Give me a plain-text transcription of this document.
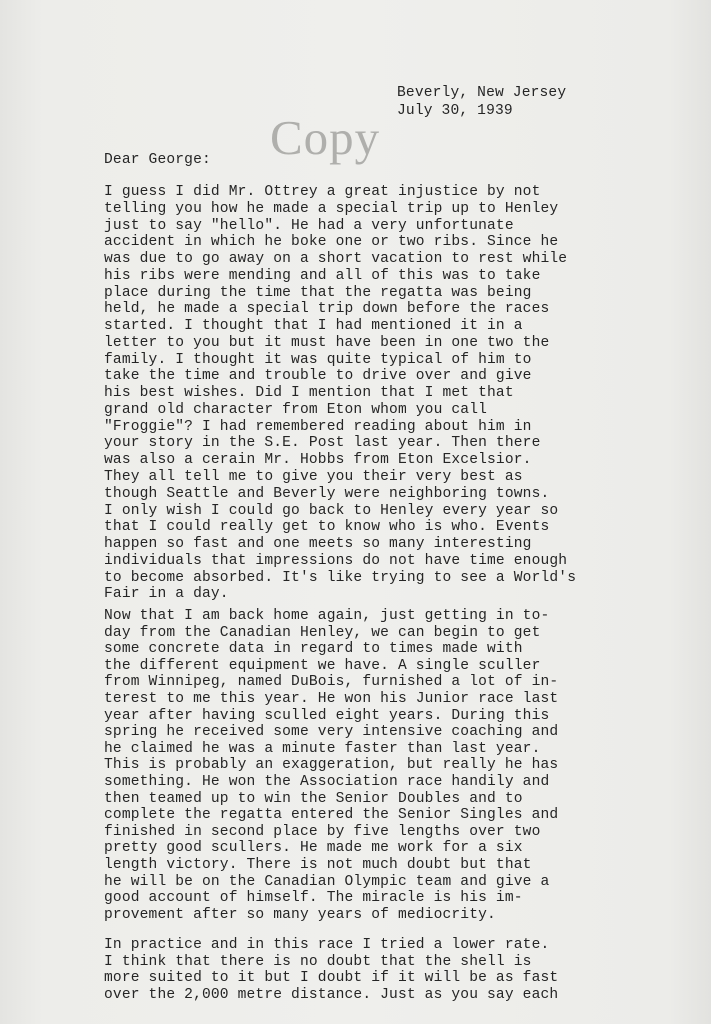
Beverly, New Jersey
July 30, 1939
Copy
Dear George:

I guess I did Mr. Ottrey a great injustice by not
telling you how he made a special trip up to Henley
just to say "hello". He had a very unfortunate
accident in which he boke one or two ribs. Since he
was due to go away on a short vacation to rest while
his ribs were mending and all of this was to take
place during the time that the regatta was being
held, he made a special trip down before the races
started. I thought that I had mentioned it in a
letter to you but it must have been in one two the
family. I thought it was quite typical of him to
take the time and trouble to drive over and give
his best wishes. Did I mention that I met that
grand old character from Eton whom you call
"Froggie"? I had remembered reading about him in
your story in the S.E. Post last year. Then there
was also a cerain Mr. Hobbs from Eton Excelsior.
They all tell me to give you their very best as
though Seattle and Beverly were neighboring towns.
I only wish I could go back to Henley every year so
that I could really get to know who is who. Events
happen so fast and one meets so many interesting
individuals that impressions do not have time enough
to become absorbed. It's like trying to see a World's
Fair in a day.

Now that I am back home again, just getting in to-
day from the Canadian Henley, we can begin to get
some concrete data in regard to times made with
the different equipment we have. A single sculler
from Winnipeg, named DuBois, furnished a lot of in-
terest to me this year. He won his Junior race last
year after having sculled eight years. During this
spring he received some very intensive coaching and
he claimed he was a minute faster than last year.
This is probably an exaggeration, but really he has
something. He won the Association race handily and
then teamed up to win the Senior Doubles and to
complete the regatta entered the Senior Singles and
finished in second place by five lengths over two
pretty good scullers. He made me work for a six
length victory. There is not much doubt but that
he will be on the Canadian Olympic team and give a
good account of himself. The miracle is his im-
provement after so many years of mediocrity.

In practice and in this race I tried a lower rate.
I think that there is no doubt that the shell is
more suited to it but I doubt if it will be as fast
over the 2,000 metre distance. Just as you say each
